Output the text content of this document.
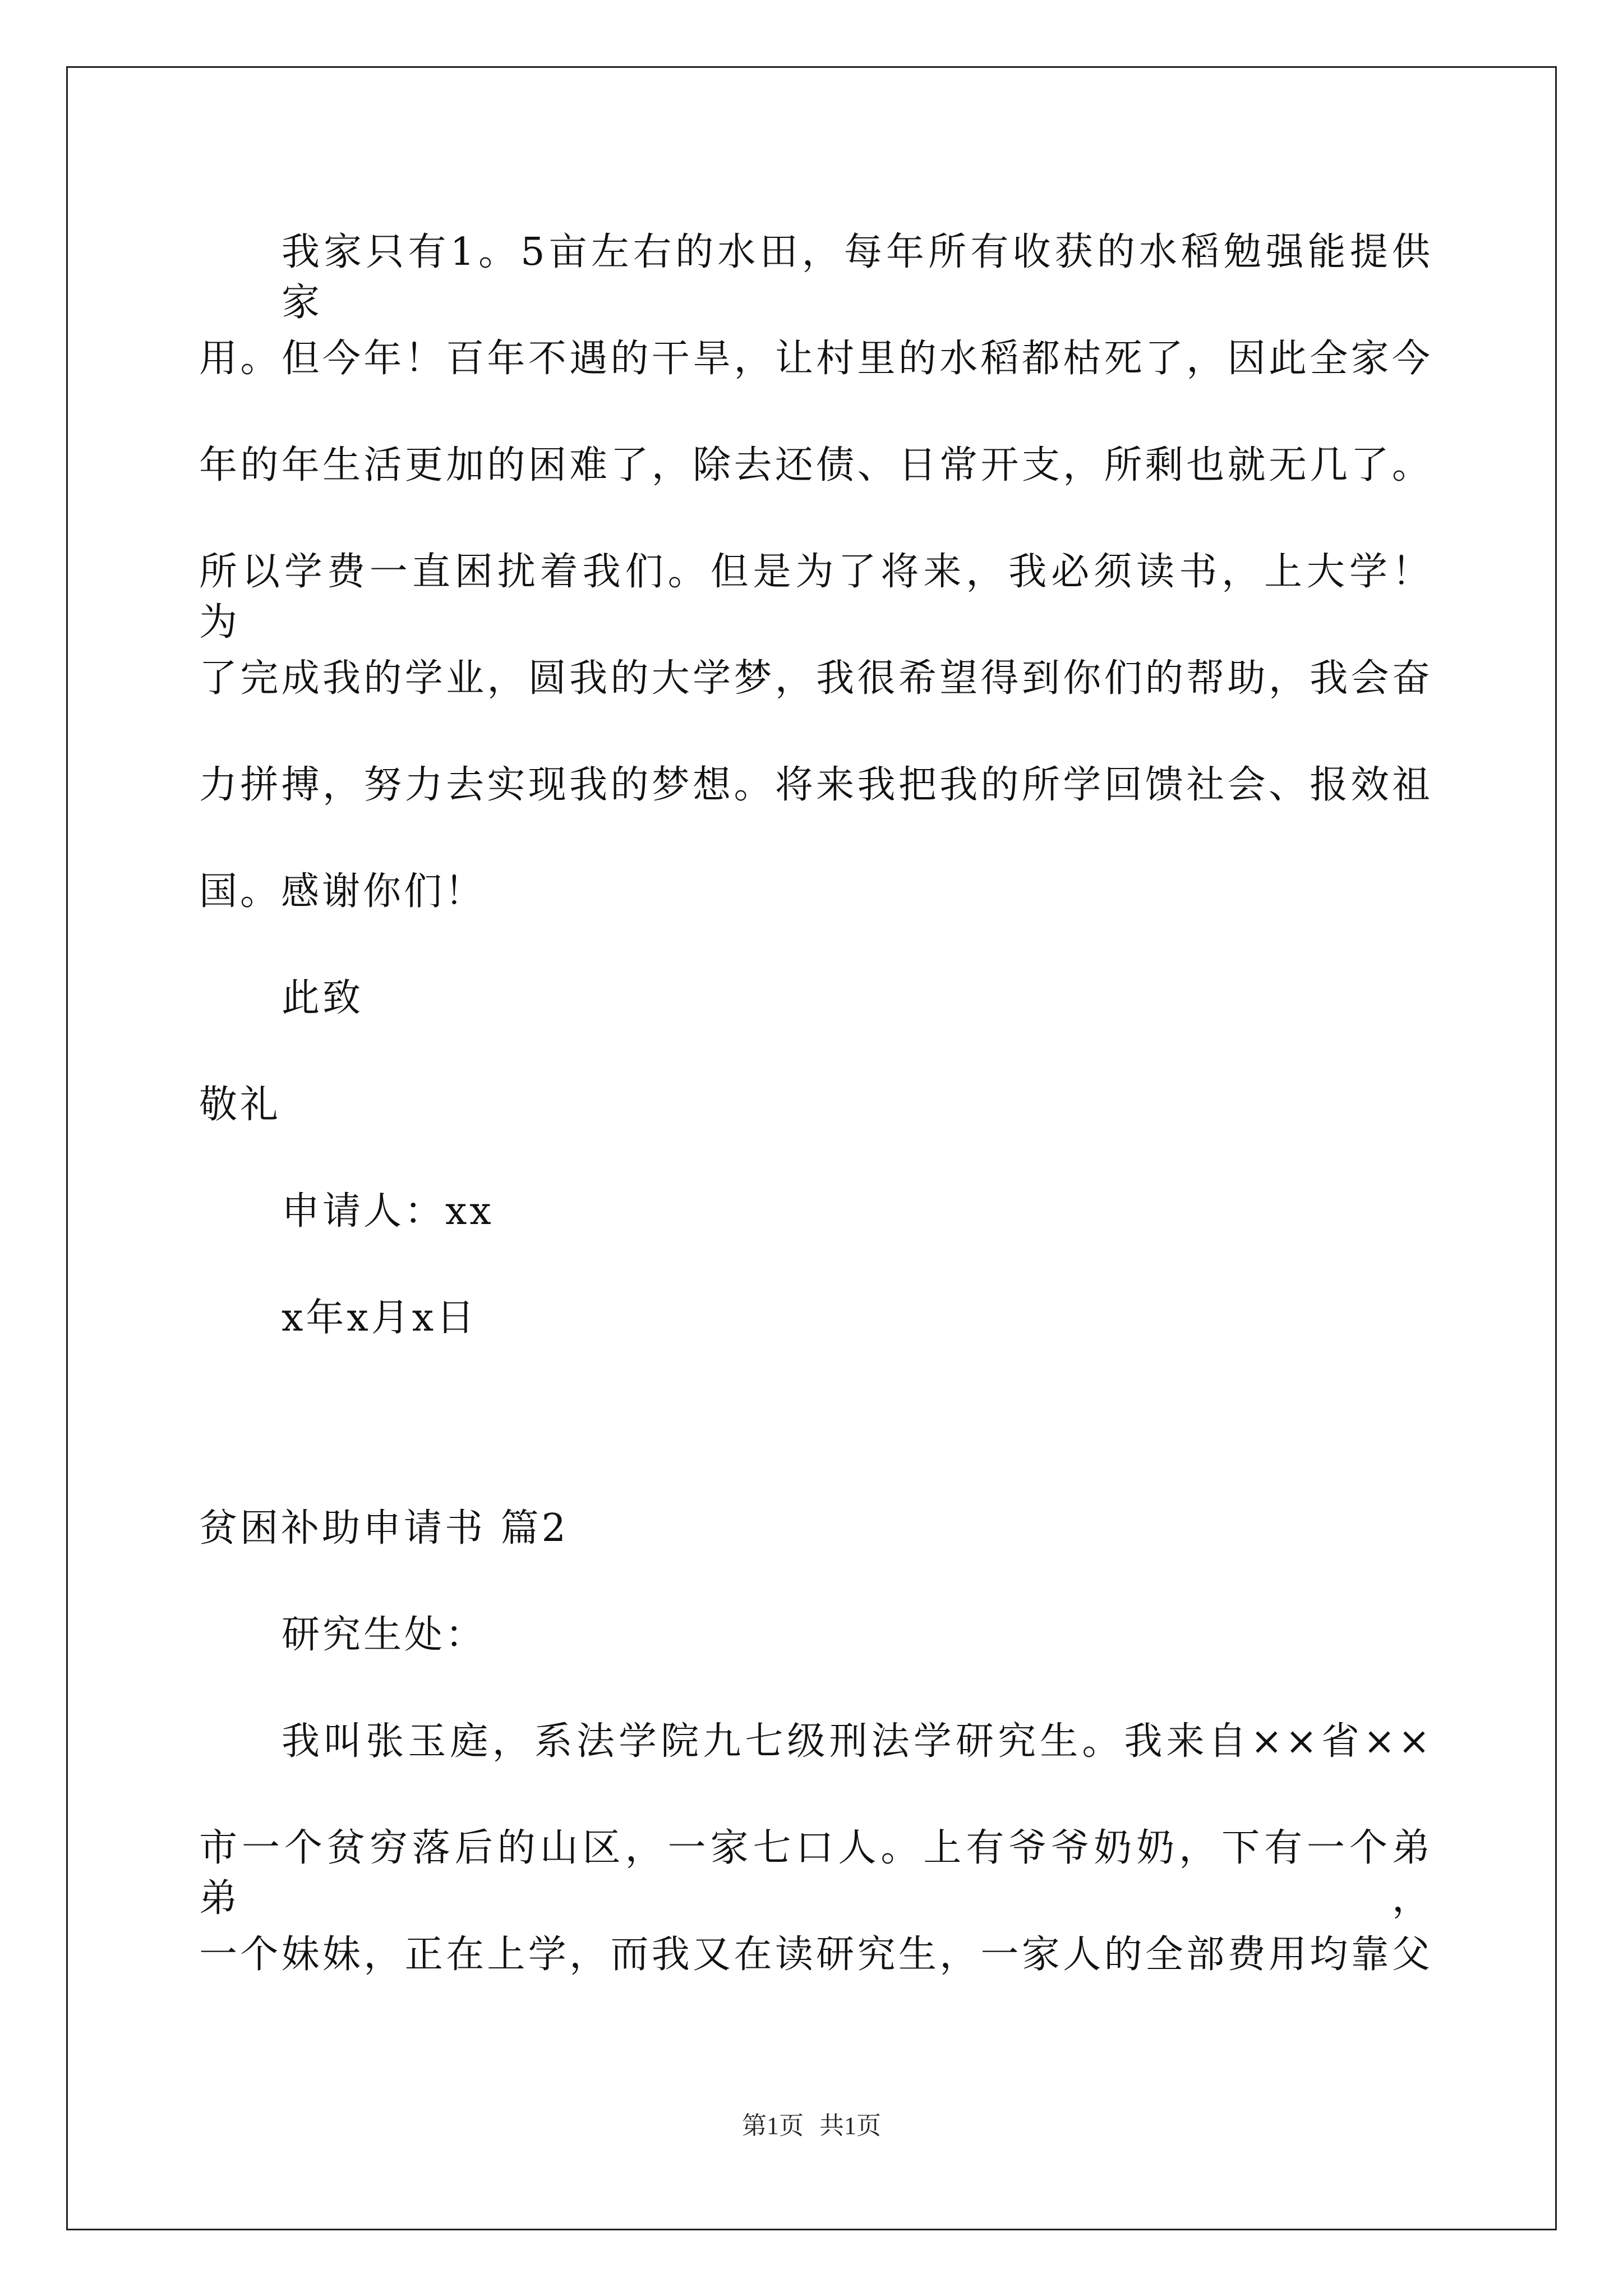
我家只有1。5亩左右的水田，每年所有收获的水稻勉强能提供家
用。但今年！百年不遇的干旱，让村里的水稻都枯死了，因此全家今
年的年生活更加的困难了，除去还债、日常开支，所剩也就无几了。
所以学费一直困扰着我们。但是为了将来，我必须读书，上大学！ 为
了完成我的学业，圆我的大学梦，我很希望得到你们的帮助，我会奋
力拼搏，努力去实现我的梦想。将来我把我的所学回馈社会、报效祖
国。感谢你们！
此致
敬礼
申请人：xx
x年x月x日
贫困补助申请书 篇2
研究生处：
我叫张玉庭，系法学院九七级刑法学研究生。我来自××省××
市一个贫穷落后的山区，一家七口人。上有爷爷奶奶，下有一个弟弟，
一个妹妹，正在上学，而我又在读研究生，一家人的全部费用均靠父
第1页 共1页
